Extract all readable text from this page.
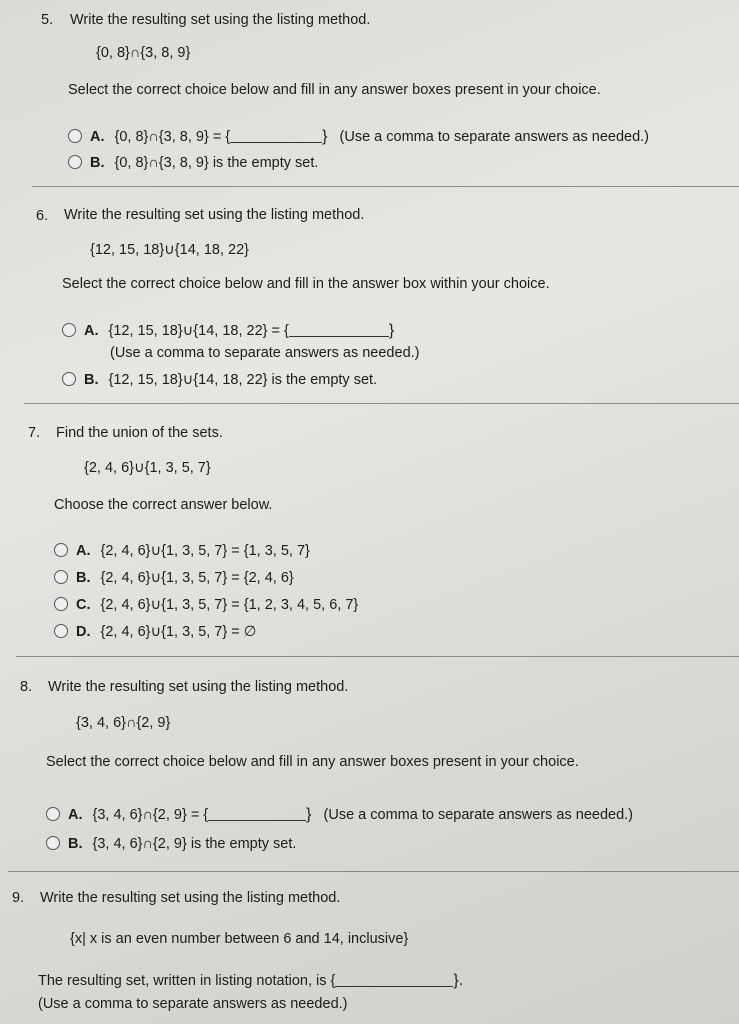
5. Write the resulting set using the listing method.
{0, 8}∩{3, 8, 9}
Select the correct choice below and fill in any answer boxes present in your choice.
A. {0, 8}∩{3, 8, 9} = {	} (Use a comma to separate answers as needed.)
B. {0, 8}∩{3, 8, 9} is the empty set.
6. Write the resulting set using the listing method.
{12, 15, 18}∪{14, 18, 22}
Select the correct choice below and fill in the answer box within your choice.
A. {12, 15, 18}∪{14, 18, 22} = {	}
(Use a comma to separate answers as needed.)
B. {12, 15, 18}∪{14, 18, 22} is the empty set.
7. Find the union of the sets.
{2, 4, 6}∪{1, 3, 5, 7}
Choose the correct answer below.
A. {2, 4, 6}∪{1, 3, 5, 7} = {1, 3, 5, 7}
B. {2, 4, 6}∪{1, 3, 5, 7} = {2, 4, 6}
C. {2, 4, 6}∪{1, 3, 5, 7} = {1, 2, 3, 4, 5, 6, 7}
D. {2, 4, 6}∪{1, 3, 5, 7} = ∅
8. Write the resulting set using the listing method.
{3, 4, 6}∩{2, 9}
Select the correct choice below and fill in any answer boxes present in your choice.
A. {3, 4, 6}∩{2, 9} = {	} (Use a comma to separate answers as needed.)
B. {3, 4, 6}∩{2, 9} is the empty set.
9. Write the resulting set using the listing method.
{x| x is an even number between 6 and 14, inclusive}
The resulting set, written in listing notation, is {	}.
(Use a comma to separate answers as needed.)
